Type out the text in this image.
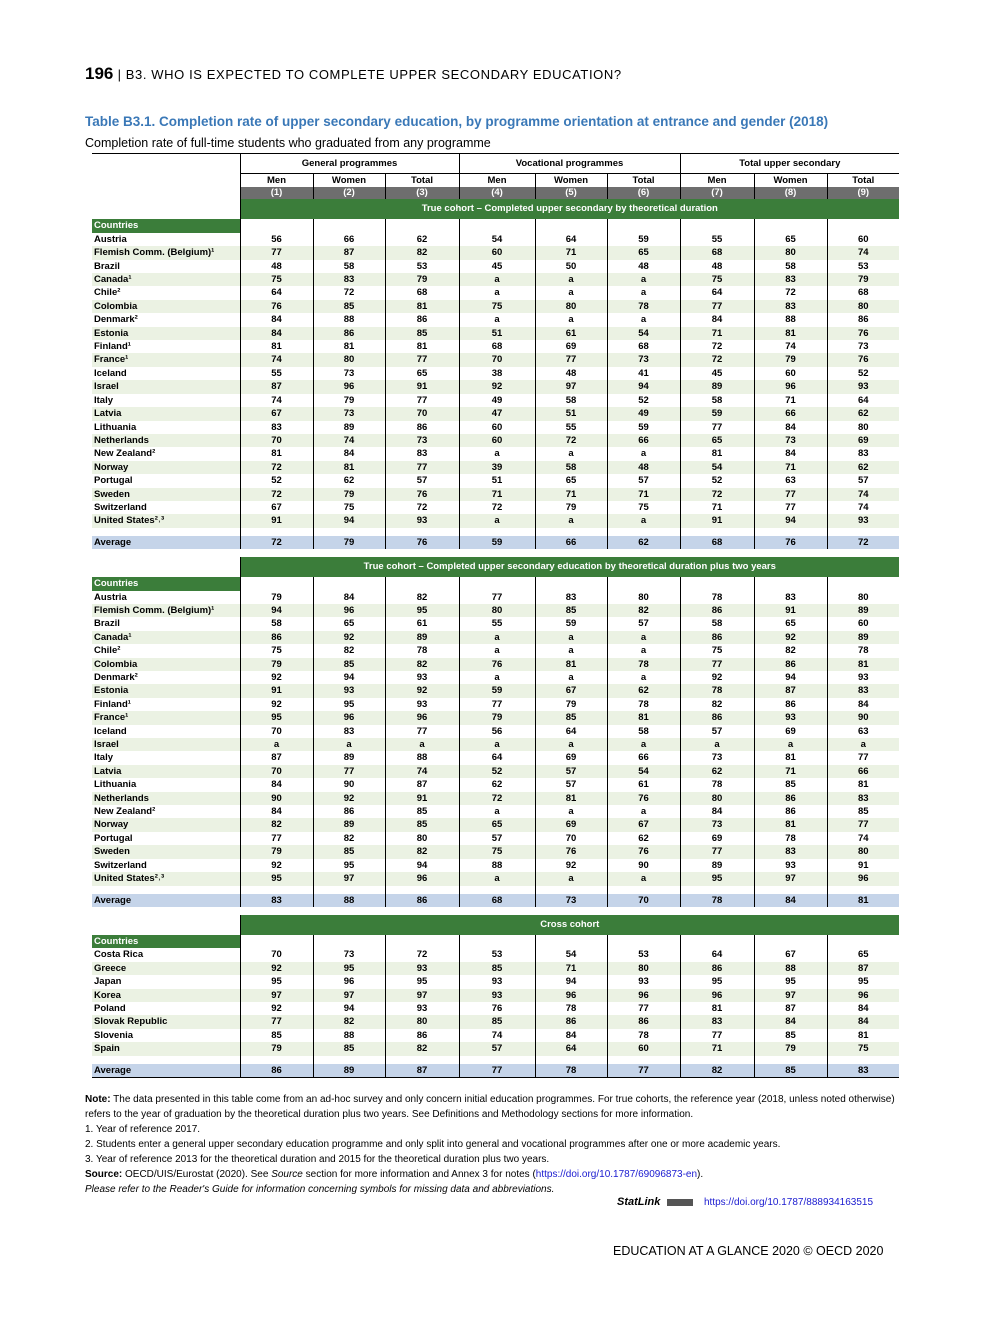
196 | B3. WHO IS EXPECTED TO COMPLETE UPPER SECONDARY EDUCATION?
Table B3.1. Completion rate of upper secondary education, by programme orientation at entrance and gender (2018)
Completion rate of full-time students who graduated from any programme
	General programmes			Vocational programmes			Total upper secondary		
	Men	Women	Total	Men	Women	Total	Men	Women	Total
	(1)	(2)	(3)	(4)	(5)	(6)	(7)	(8)	(9)
	True cohort – Completed upper secondary by theoretical duration								
Countries									
Austria	56	66	62	54	64	59	55	65	60
Flemish Comm. (Belgium)¹	77	87	82	60	71	65	68	80	74
Brazil	48	58	53	45	50	48	48	58	53
Canada¹	75	83	79	a	a	a	75	83	79
Chile²	64	72	68	a	a	a	64	72	68
Colombia	76	85	81	75	80	78	77	83	80
Denmark²	84	88	86	a	a	a	84	88	86
Estonia	84	86	85	51	61	54	71	81	76
Finland¹	81	81	81	68	69	68	72	74	73
France¹	74	80	77	70	77	73	72	79	76
Iceland	55	73	65	38	48	41	45	60	52
Israel	87	96	91	92	97	94	89	96	93
Italy	74	79	77	49	58	52	58	71	64
Latvia	67	73	70	47	51	49	59	66	62
Lithuania	83	89	86	60	55	59	77	84	80
Netherlands	70	74	73	60	72	66	65	73	69
New Zealand²	81	84	83	a	a	a	81	84	83
Norway	72	81	77	39	58	48	54	71	62
Portugal	52	62	57	51	65	57	52	63	57
Sweden	72	79	76	71	71	71	72	77	74
Switzerland	67	75	72	72	79	75	71	77	74
United States²˒³	91	94	93	a	a	a	91	94	93

Average	72	79	76	59	66	62	68	76	72

	True cohort – Completed upper secondary education by theoretical duration plus two years								
Countries									
Austria	79	84	82	77	83	80	78	83	80
Flemish Comm. (Belgium)¹	94	96	95	80	85	82	86	91	89
Brazil	58	65	61	55	59	57	58	65	60
Canada¹	86	92	89	a	a	a	86	92	89
Chile²	75	82	78	a	a	a	75	82	78
Colombia	79	85	82	76	81	78	77	86	81
Denmark²	92	94	93	a	a	a	92	94	93
Estonia	91	93	92	59	67	62	78	87	83
Finland¹	92	95	93	77	79	78	82	86	84
France¹	95	96	96	79	85	81	86	93	90
Iceland	70	83	77	56	64	58	57	69	63
Israel	a	a	a	a	a	a	a	a	a
Italy	87	89	88	64	69	66	73	81	77
Latvia	70	77	74	52	57	54	62	71	66
Lithuania	84	90	87	62	57	61	78	85	81
Netherlands	90	92	91	72	81	76	80	86	83
New Zealand²	84	86	85	a	a	a	84	86	85
Norway	82	89	85	65	69	67	73	81	77
Portugal	77	82	80	57	70	62	69	78	74
Sweden	79	85	82	75	76	76	77	83	80
Switzerland	92	95	94	88	92	90	89	93	91
United States²˒³	95	97	96	a	a	a	95	97	96

Average	83	88	86	68	73	70	78	84	81

	Cross cohort								
Countries									
Costa Rica	70	73	72	53	54	53	64	67	65
Greece	92	95	93	85	71	80	86	88	87
Japan	95	96	95	93	94	93	95	95	95
Korea	97	97	97	93	96	96	96	97	96
Poland	92	94	93	76	78	77	81	87	84
Slovak Republic	77	82	80	85	86	86	83	84	84
Slovenia	85	88	86	74	84	78	77	85	81
Spain	79	85	82	57	64	60	71	79	75

Average	86	89	87	77	78	77	82	85	83

Note: The data presented in this table come from an ad-hoc survey and only concern initial education programmes. For true cohorts, the reference year (2018, unless noted otherwise) refers to the year of graduation by the theoretical duration plus two years. See Definitions and Methodology sections for more information.

1. Year of reference 2017.

2. Students enter a general upper secondary education programme and only split into general and vocational programmes after one or more academic years.

3. Year of reference 2013 for the theoretical duration and 2015 for the theoretical duration plus two years.

Source: OECD/UIS/Eurostat (2020). See Source section for more information and Annex 3 for notes (https://doi.org/10.1787/69096873-en).

Please refer to the Reader's Guide for information concerning symbols for missing data and abbreviations.

StatLink	https://doi.org/10.1787/888934163515
EDUCATION AT A GLANCE 2020 © OECD 2020
